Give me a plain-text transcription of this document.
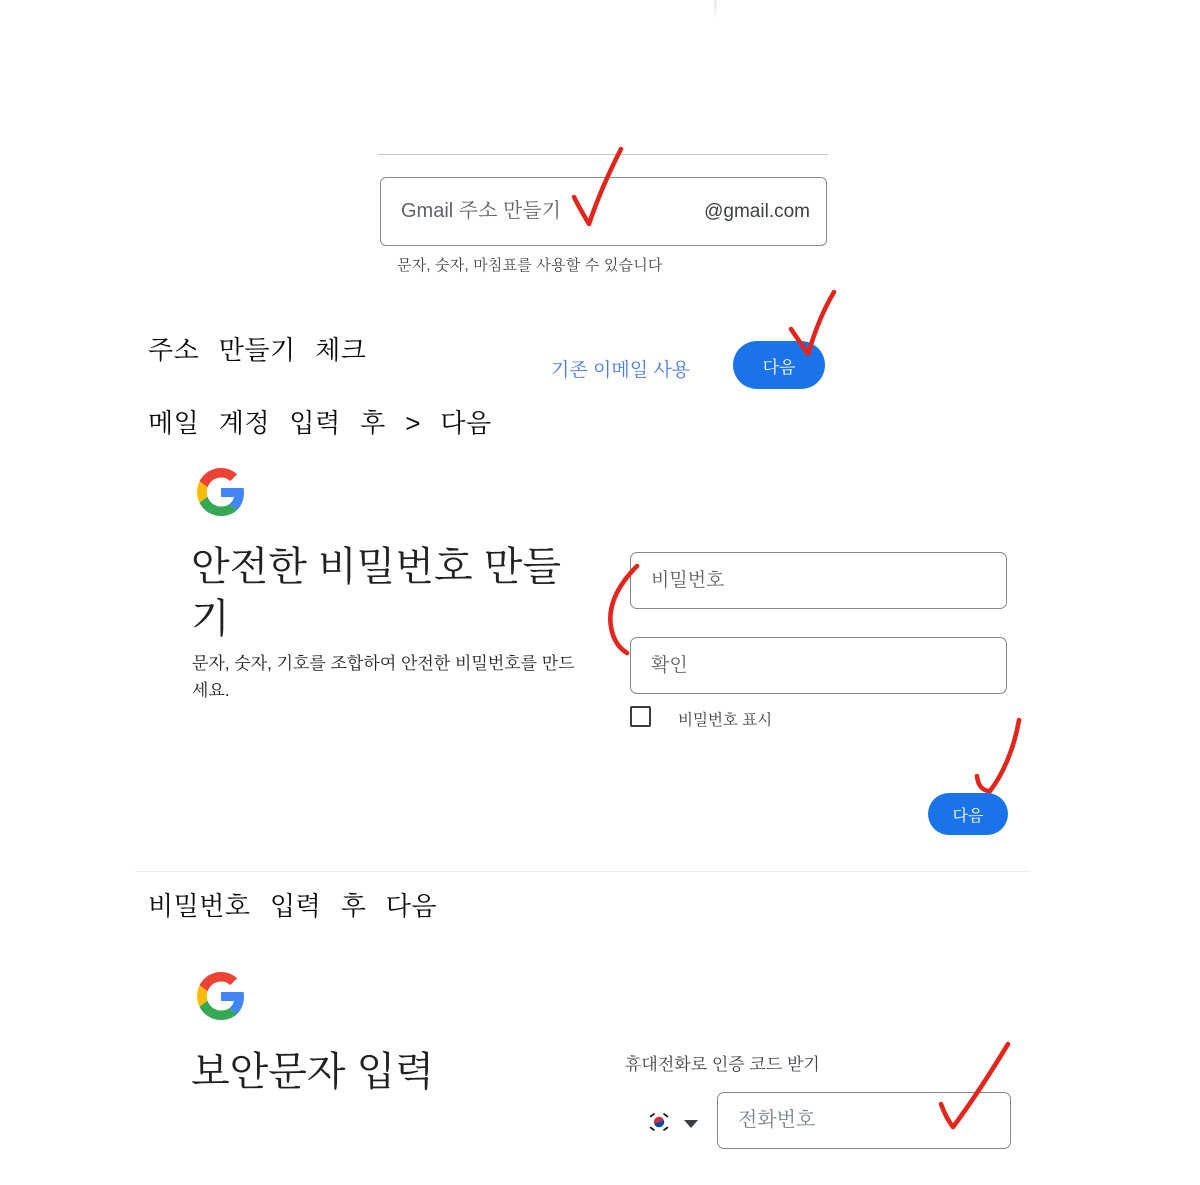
Gmail 주소 만들기
@gmail.com
문자, 숫자, 마침표를 사용할 수 있습니다
주소 만들기 체크
기존 이메일 사용	다음
메일 계정 입력 후 > 다음
안전한 비밀번호 만들기
문자, 숫자, 기호를 조합하여 안전한 비밀번호를 만드세요.
비밀번호
확인
비밀번호 표시
다음
비밀번호 입력 후 다음
보안문자 입력	휴대전화로 인증 코드 받기
전화번호
